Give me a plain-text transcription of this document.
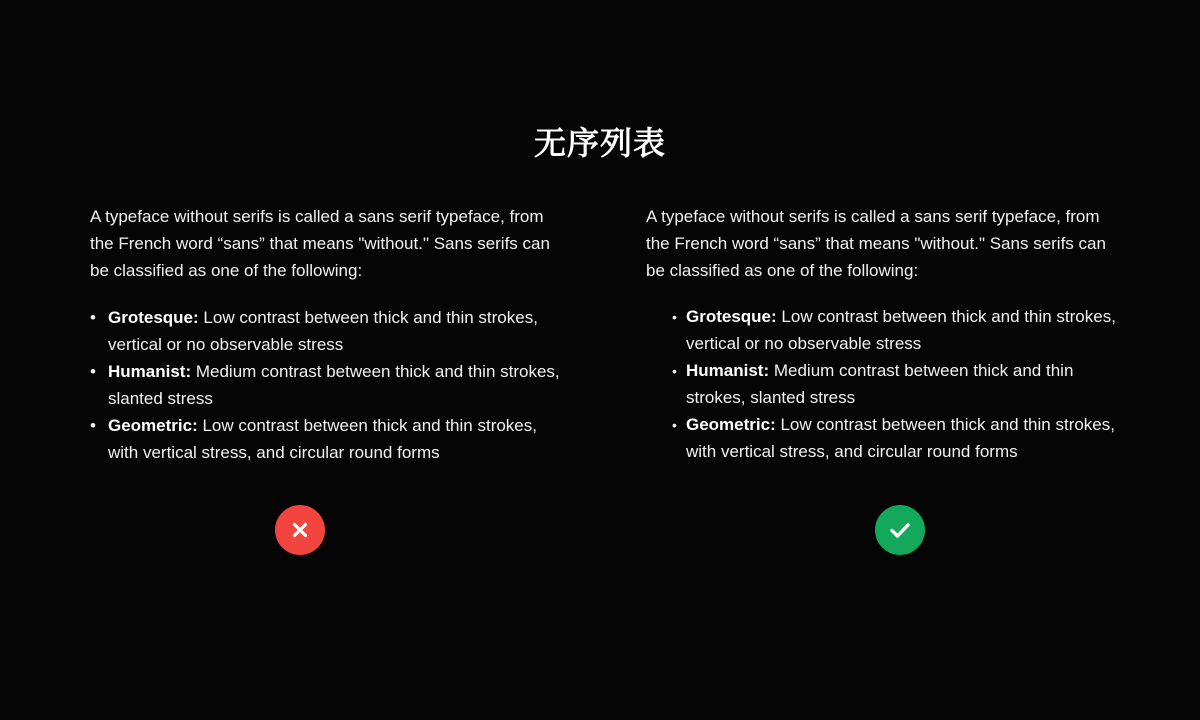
无序列表

A typeface without serifs is called a sans serif typeface, from the French word “sans” that means "without." Sans serifs can be classified as one of the following:

• Grotesque: Low contrast between thick and thin strokes, vertical or no observable stress
• Humanist: Medium contrast between thick and thin strokes, slanted stress
• Geometric: Low contrast between thick and thin strokes, with vertical stress, and circular round forms

A typeface without serifs is called a sans serif typeface, from the French word “sans” that means "without." Sans serifs can be classified as one of the following:

• Grotesque: Low contrast between thick and thin strokes, vertical or no observable stress
• Humanist: Medium contrast between thick and thin strokes, slanted stress
• Geometric: Low contrast between thick and thin strokes, with vertical stress, and circular round forms
